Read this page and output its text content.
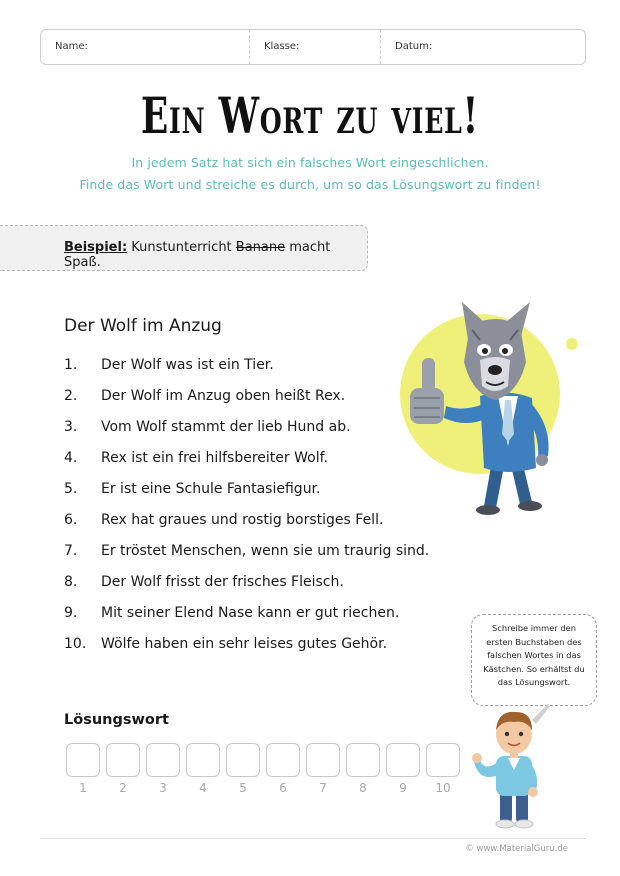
Name:	Klasse:	Datum:
Ein Wort zu viel!
In jedem Satz hat sich ein falsches Wort eingeschlichen.
Finde das Wort und streiche es durch, um so das Lösungswort zu finden!
Beispiel: Kunstunterricht Banane macht Spaß.
Der Wolf im Anzug
1.	Der Wolf was ist ein Tier.
2.	Der Wolf im Anzug oben heißt Rex.
3.	Vom Wolf stammt der lieb Hund ab.
4.	Rex ist ein frei hilfsbereiter Wolf.
5.	Er ist eine Schule Fantasiefigur.
6.	Rex hat graues und rostig borstiges Fell.
7.	Er tröstet Menschen, wenn sie um traurig sind.
8.	Der Wolf frisst der frisches Fleisch.
9.	Mit seiner Elend Nase kann er gut riechen.
10.	Wölfe haben ein sehr leises gutes Gehör.
Lösungswort
1	2	3	4	5	6	7	8	9	10
Schreibe immer den
ersten Buchstaben des
falschen Wortes in das
Kästchen. So erhältst du
das Lösungswort.
© www.MaterialGuru.de
